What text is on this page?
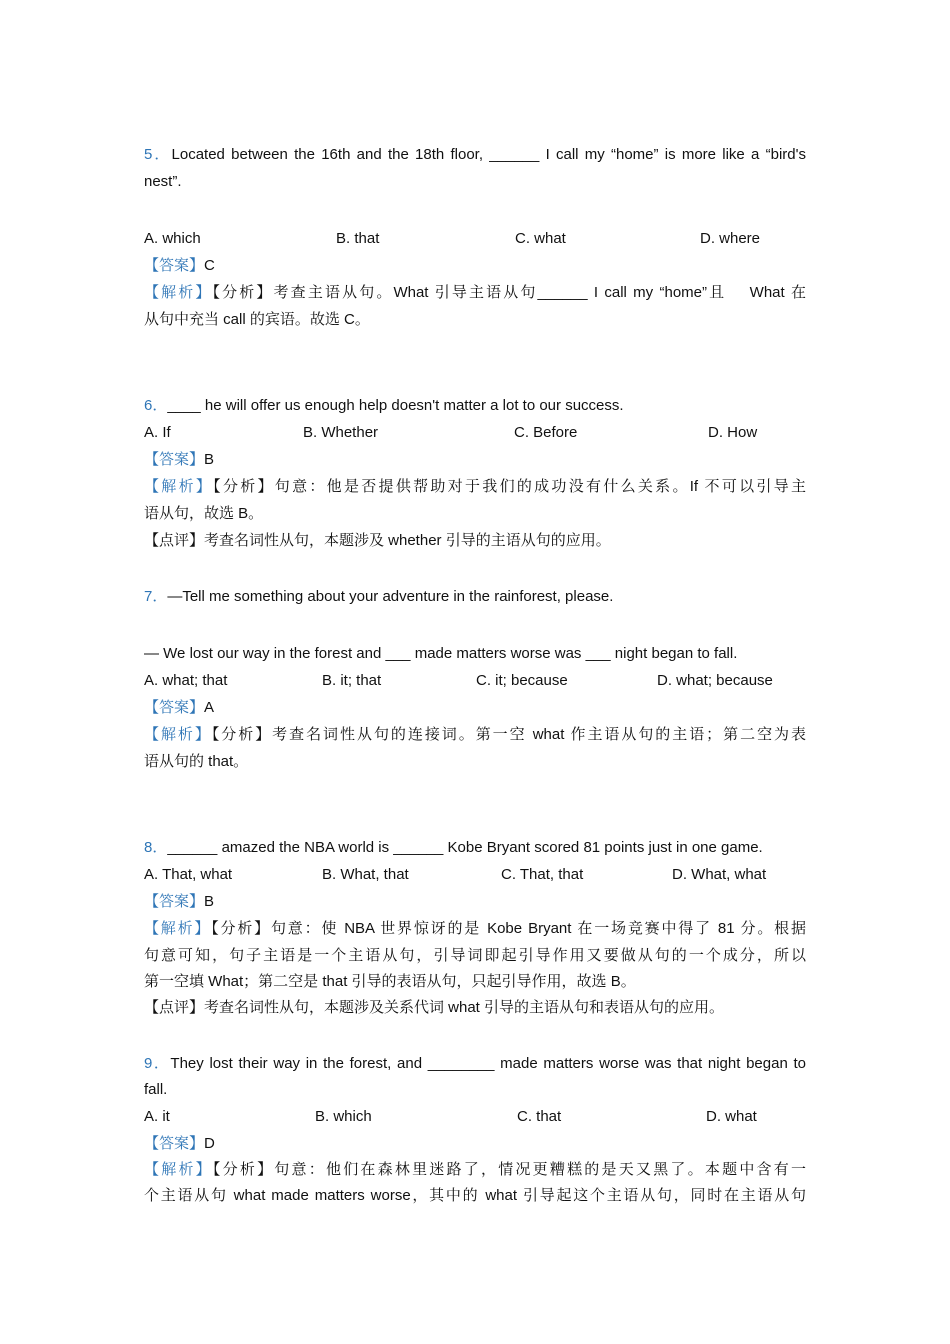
5．Located between the 16th and the 18th floor, ______ I call my “home” is more like a “bird's
nest”.
A. which	B. that	C. what	D. where
【答案】C
【解析】【分析】考查主语从句。What 引导主语从句______ I call my “home”且　 What 在
从句中充当 call 的宾语。故选 C。
6．____ he will offer us enough help doesn't matter a lot to our success.
A. If	B. Whether	C. Before	D. How
【答案】B
【解析】【分析】句意：他是否提供帮助对于我们的成功没有什么关系。If 不可以引导主
语从句，故选 B。
【点评】考查名词性从句，本题涉及 whether 引导的主语从句的应用。
7．—Tell me something about your adventure in the rainforest, please.
— We lost our way in the forest and ___ made matters worse was ___ night began to fall.
A. what; that	B. it; that	C. it; because	D. what; because
【答案】A
【解析】【分析】考查名词性从句的连接词。第一空 what 作主语从句的主语；第二空为表
语从句的 that。
8．______ amazed the NBA world is ______ Kobe Bryant scored 81 points just in one game.
A. That, what	B. What, that	C. That, that	D. What, what
【答案】B
【解析】【分析】句意：使 NBA 世界惊讶的是 Kobe Bryant 在一场竞赛中得了 81 分。根据
句意可知，句子主语是一个主语从句，引导词即起引导作用又要做从句的一个成分，所以
第一空填 What；第二空是 that 引导的表语从句，只起引导作用，故选 B。
【点评】考查名词性从句，本题涉及关系代词 what 引导的主语从句和表语从句的应用。
9．They lost their way in the forest, and ________ made matters worse was that night began to
fall.
A. it	B. which	C. that	D. what
【答案】D
【解析】【分析】句意：他们在森林里迷路了，情况更糟糕的是天又黑了。本题中含有一
个主语从句 what made matters worse，其中的 what 引导起这个主语从句，同时在主语从句
